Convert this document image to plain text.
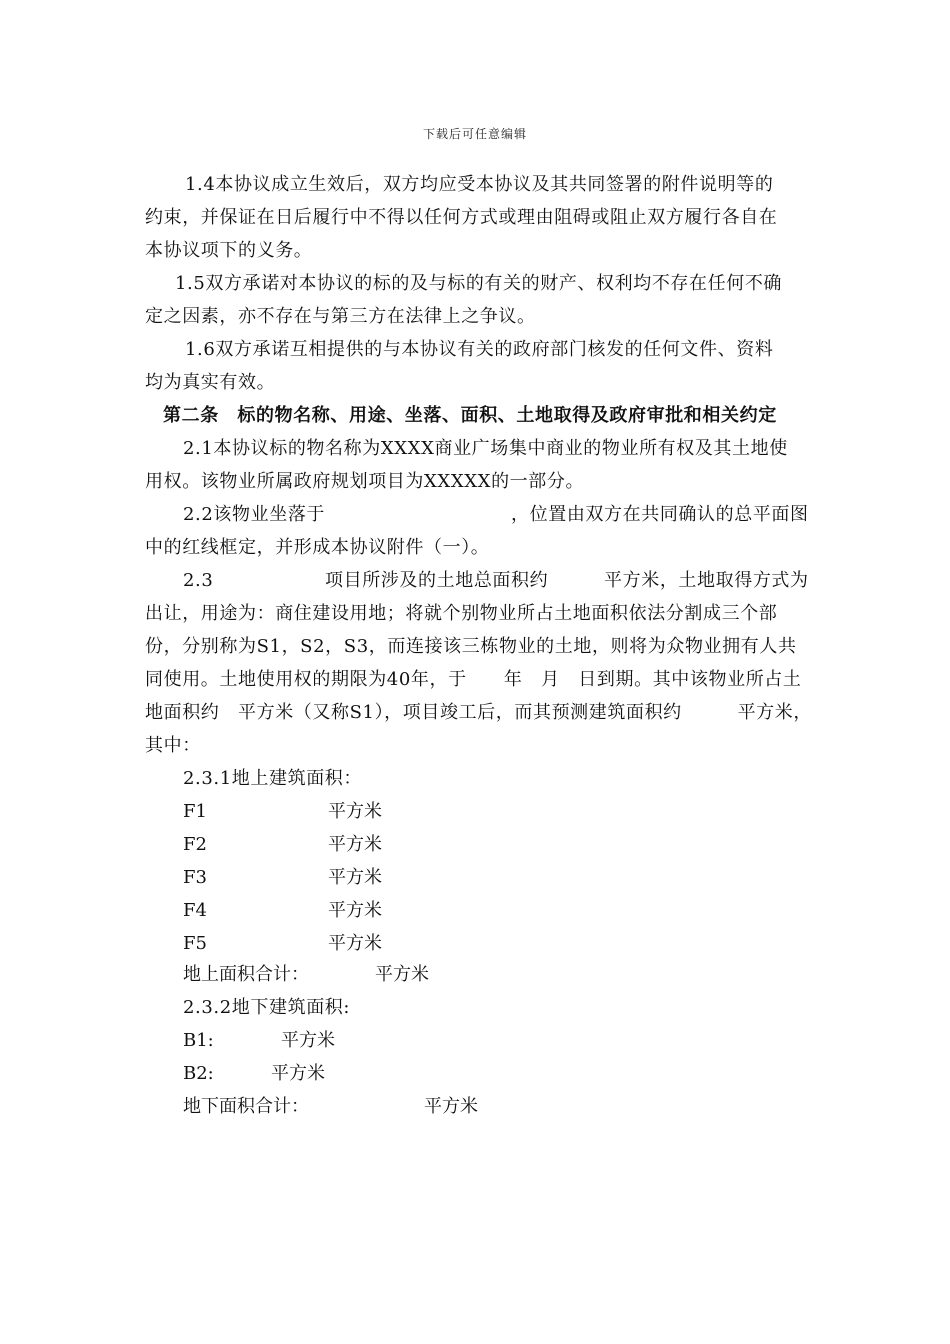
下载后可任意编辑
1.4本协议成立生效后，双方均应受本协议及其共同签署的附件说明等的
约束，并保证在日后履行中不得以任何方式或理由阻碍或阻止双方履行各自在
本协议项下的义务。
1.5双方承诺对本协议的标的及与标的有关的财产、权利均不存在任何不确
定之因素，亦不存在与第三方在法律上之争议。
1.6双方承诺互相提供的与本协议有关的政府部门核发的任何文件、资料
均为真实有效。
第二条　标的物名称、用途、坐落、面积、土地取得及政府审批和相关约定
2.1本协议标的物名称为XXXX商业广场集中商业的物业所有权及其土地使
用权。该物业所属政府规划项目为XXXXX的一部分。
2.2该物业坐落于　　　　　　　　　　，位置由双方在共同确认的总平面图
中的红线框定，并形成本协议附件（一）。
2.3　　　　　　项目所涉及的土地总面积约　　　平方米，土地取得方式为
出让，用途为：商住建设用地；将就个别物业所占土地面积依法分割成三个部
份，分别称为S1，S2，S3，而连接该三栋物业的土地，则将为众物业拥有人共
同使用。土地使用权的期限为40年，于　　年　月　日到期。其中该物业所占土
地面积约　平方米（又称S1），项目竣工后，而其预测建筑面积约　　　平方米，
其中：
2.3.1地上建筑面积：
F1	平方米
F2	平方米
F3	平方米
F4	平方米
F5	平方米
地上面积合计：	平方米
2.3.2地下建筑面积:
B1:	平方米
B2:	平方米
地下面积合计：	平方米
